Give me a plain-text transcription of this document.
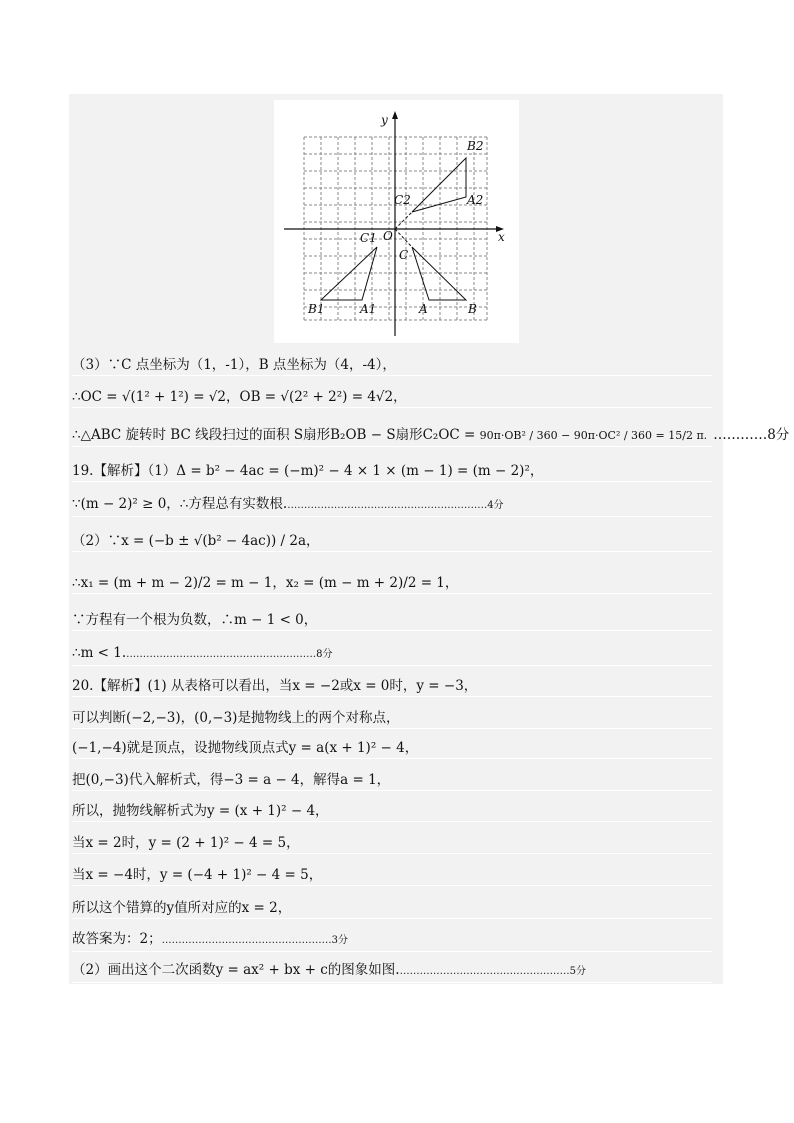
x
y
O
B2
A2
C2
C1
C
B1	A1	A	B
（3）∵C 点坐标为（1，-1），B 点坐标为（4，-4），
∴OC = √(1² + 1²) = √2，OB = √(2² + 2²) = 4√2，
∴△ABC 旋转时 BC 线段扫过的面积 S扇形B₂OB − S扇形C₂OC = 90π·OB² / 360 − 90π·OC² / 360 = 15/2 π. …………8分
19.【解析】（1）Δ = b² − 4ac = (−m)² − 4 × 1 × (m − 1) = (m − 2)²，
∵(m − 2)² ≥ 0，∴方程总有实数根.……………………………………………………4分
（2）∵x = (−b ± √(b² − 4ac)) / 2a，
∴x₁ = (m + m − 2)/2 = m − 1，x₂ = (m − m + 2)/2 = 1，
∵方程有一个根为负数，∴m − 1 < 0，
∴m < 1.…………………………………………………8分
20.【解析】(1) 从表格可以看出，当x = −2或x = 0时，y = −3，
可以判断(−2,−3)，(0,−3)是抛物线上的两个对称点，
(−1,−4)就是顶点，设抛物线顶点式y = a(x + 1)² − 4，
把(0,−3)代入解析式，得−3 = a − 4，解得a = 1，
所以，抛物线解析式为y = (x + 1)² − 4，
当x = 2时，y = (2 + 1)² − 4 = 5，
当x = −4时，y = (−4 + 1)² − 4 = 5，
所以这个错算的y值所对应的x = 2，
故答案为：2；……………………………………………3分
（2）画出这个二次函数y = ax² + bx + c的图象如图.……………………………………………5分
